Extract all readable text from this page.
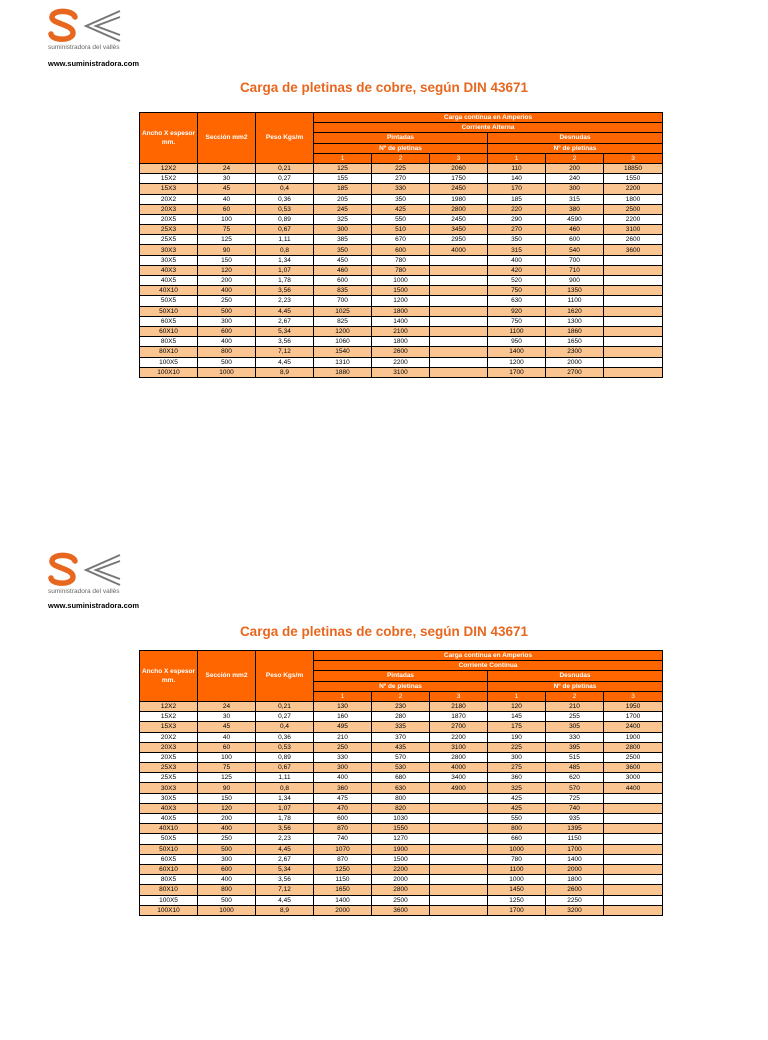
suministradora del vallès
www.suministradora.com
Carga de pletinas de cobre, según DIN 43671
Ancho X espesor mm.	Sección mm2	Peso Kgs/m	Carga contínua en Amperios					
			Corriente Alterna					
			Pintadas			Desnudas		
			Nº de pletinas			Nº de pletinas		
			1	2	3	1	2	3
12X2	24	0,21	125	225	2060	110	200	18850
15X2	30	0,27	155	270	1750	140	240	1550
15X3	45	0,4	185	330	2450	170	300	2200
20X2	40	0,36	205	350	1980	185	315	1800
20X3	60	0,53	245	425	2800	220	380	2500
20X5	100	0,89	325	550	2450	290	4590	2200
25X3	75	0,67	300	510	3450	270	460	3100
25X5	125	1,11	385	670	2950	350	600	2600
30X3	90	0,8	350	600	4000	315	540	3600
30X5	150	1,34	450	780		400	700	
40X3	120	1,07	460	780		420	710	
40X5	200	1,78	600	1000		520	900	
40X10	400	3,56	835	1500		750	1350	
50X5	250	2,23	700	1200		630	1100	
50X10	500	4,45	1025	1800		920	1620	
60X5	300	2,67	825	1400		750	1300	
60X10	600	5,34	1200	2100		1100	1860	
80X5	400	3,56	1060	1800		950	1650	
80X10	800	7,12	1540	2600		1400	2300	
100X5	500	4,45	1310	2200		1200	2000	
100X10	1000	8,9	1880	3100		1700	2700	
suministradora del vallès
www.suministradora.com
Carga de pletinas de cobre, según DIN 43671
Ancho X espesor mm.	Sección mm2	Peso Kgs/m	Carga contínua en Amperios					
			Corriente Contínua					
			Pintadas			Desnudas		
			Nº de pletinas			Nº de pletinas		
			1	2	3	1	2	3
12X2	24	0,21	130	230	2180	120	210	1950
15X2	30	0,27	160	280	1870	145	255	1700
15X3	45	0,4	495	335	2700	175	305	2400
20X2	40	0,36	210	370	2200	190	330	1900
20X3	60	0,53	250	435	3100	225	395	2800
20X5	100	0,89	330	570	2800	300	515	2500
25X3	75	0,67	300	530	4000	275	485	3600
25X5	125	1,11	400	680	3400	360	620	3000
30X3	90	0,8	360	630	4900	325	570	4400
30X5	150	1,34	475	800		425	725	
40X3	120	1,07	470	820		425	740	
40X5	200	1,78	600	1030		550	935	
40X10	400	3,56	870	1550		800	1395	
50X5	250	2,23	740	1270		660	1150	
50X10	500	4,45	1070	1900		1000	1700	
60X5	300	2,67	870	1500		780	1400	
60X10	600	5,34	1250	2200		1100	2000	
80X5	400	3,56	1150	2000		1000	1800	
80X10	800	7,12	1650	2800		1450	2600	
100X5	500	4,45	1400	2500		1250	2250	
100X10	1000	8,9	2000	3600		1700	3200	
